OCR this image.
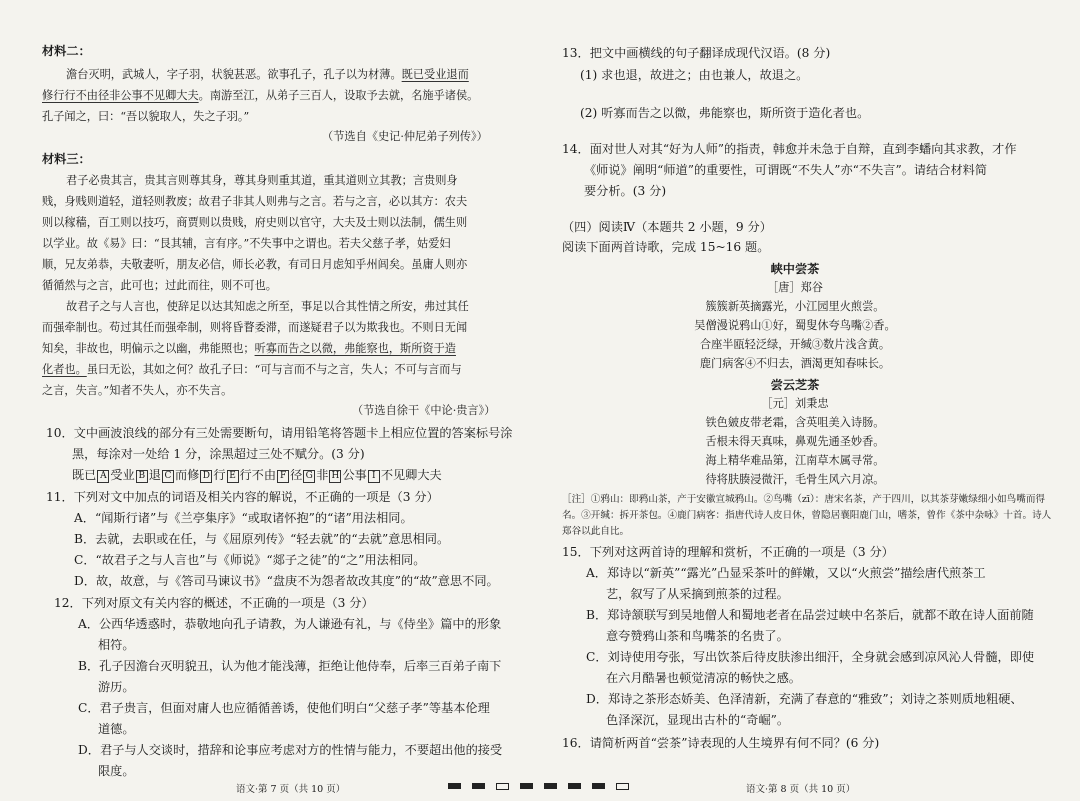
材料二：
澹台灭明，武城人，字子羽，状貌甚恶。欲事孔子，孔子以为材薄。既已受业退而
修行行不由径非公事不见卿大夫。南游至江，从弟子三百人，设取予去就，名施乎诸侯。
孔子闻之，曰：“吾以貌取人，失之子羽。”
（节选自《史记·仲尼弟子列传》）
材料三：
君子必贵其言，贵其言则尊其身，尊其身则重其道，重其道则立其教；言贵则身
贱，身贱则道轻，道轻则教废；故君子非其人则弗与之言。若与之言，必以其方：农夫
则以稼穑，百工则以技巧，商贾则以贵贱，府史则以官守，大夫及士则以法制，儒生则
以学业。故《易》曰：“艮其辅，言有序。”不失事中之谓也。若夫父慈子孝，姑爱妇
顺，兄友弟恭，夫敬妻听，朋友必信，师长必教，有司日月虑知乎州闾矣。虽庸人则亦
循循然与之言，此可也；过此而往，则不可也。
故君子之与人言也，使辞足以达其知虑之所至，事足以合其性情之所安，弗过其任
而强牵制也。苟过其任而强牵制，则将昏瞀委滞，而遂疑君子以为欺我也。不则日无闻
知矣，非故也，明偏示之以幽，弗能照也；听寡而告之以微，弗能察也，斯所资于造
化者也。虽曰无讼，其如之何？故孔子曰：“可与言而不与之言，失人；不可与言而与
之言，失言。”知者不失人，亦不失言。
（节选自徐干《中论·贵言》）
10．文中画波浪线的部分有三处需要断句，请用铅笔将答题卡上相应位置的答案标号涂
黑，每涂对一处给 1 分，涂黑超过三处不赋分。(3 分)
既已 A 受业 B 退 C 而修 D 行 E 行不由 F 径 G 非 H 公事 I 不见卿大夫
11．下列对文中加点的词语及相关内容的解说，不正确的一项是（3 分）
A．“闻斯行诸”与《兰亭集序》“或取诸怀抱”的“诸”用法相同。
B．去就，去职或在任，与《屈原列传》“轻去就”的“去就”意思相同。
C．“故君子之与人言也”与《师说》“郯子之徒”的“之”用法相同。
D．故，故意，与《答司马谏议书》“盘庚不为怨者故改其度”的“故”意思不同。
12．下列对原文有关内容的概述，不正确的一项是（3 分）
A．公西华透惑时，恭敬地向孔子请教，为人谦逊有礼，与《侍坐》篇中的形象
相符。
B．孔子因澹台灭明貌丑，认为他才能浅薄，拒绝让他侍奉，后率三百弟子南下
游历。
C．君子贵言，但面对庸人也应循循善诱，使他们明白“父慈子孝”等基本伦理
道德。
D．君子与人交谈时，措辞和论事应考虑对方的性情与能力，不要超出他的接受
限度。
语文·第 7 页（共 10 页）
13．把文中画横线的句子翻译成现代汉语。(8 分)
(1) 求也退，故进之；由也兼人，故退之。
(2) 听寡而告之以微，弗能察也，斯所资于造化者也。
14．面对世人对其“好为人师”的指责，韩愈并未急于自辩，直到李蟠向其求教，才作
《师说》阐明“师道”的重要性，可谓既“不失人”亦“不失言”。请结合材料简
要分析。(3 分)
（四）阅读Ⅳ（本题共 2 小题，9 分）
阅读下面两首诗歌，完成 15~16 题。
峡中尝茶
［唐］郑谷
簇簇新英摘露光，小江园里火煎尝。
吴僧漫说鸦山①好，蜀叟休夸鸟嘴②香。
合座半瓯轻泛绿，开缄③数片浅含黄。
鹿门病客④不归去，酒渴更知春味长。
尝云芝茶
［元］刘秉忠
铁色皴皮带老霜，含英咀美入诗肠。
舌根未得天真味，鼻观先通圣妙香。
海上精华难品第，江南草木属寻常。
待将肤腠浸微汗，毛骨生风六月凉。
［注］①鸦山：即鸦山茶，产于安徽宣城鸦山。②鸟嘴（zī）：唐宋名茶，产于四川，以其茶芽嫩绿细小如鸟嘴而得
名。③开缄：拆开茶包。④鹿门病客：指唐代诗人皮日休，曾隐居襄阳鹿门山，嗜茶，曾作《茶中杂咏》十首。诗人
郑谷以此自比。
15．下列对这两首诗的理解和赏析，不正确的一项是（3 分）
A．郑诗以“新英”“露光”凸显采茶叶的鲜嫩，又以“火煎尝”描绘唐代煎茶工
艺，叙写了从采摘到煎茶的过程。
B．郑诗颔联写到吴地僧人和蜀地老者在品尝过峡中名茶后，就都不敢在诗人面前随
意夸赞鸦山茶和鸟嘴茶的名贵了。
C．刘诗使用夸张，写出饮茶后待皮肤渗出细汗，全身就会感到凉风沁人骨髓，即使
在六月酷暑也顿觉清凉的畅快之感。
D．郑诗之茶形态娇美、色泽清新，充满了春意的“雅致”；刘诗之茶则质地粗硬、
色泽深沉，显现出古朴的“奇崛”。
16．请简析两首“尝茶”诗表现的人生境界有何不同？(6 分)
语文·第 8 页（共 10 页）
